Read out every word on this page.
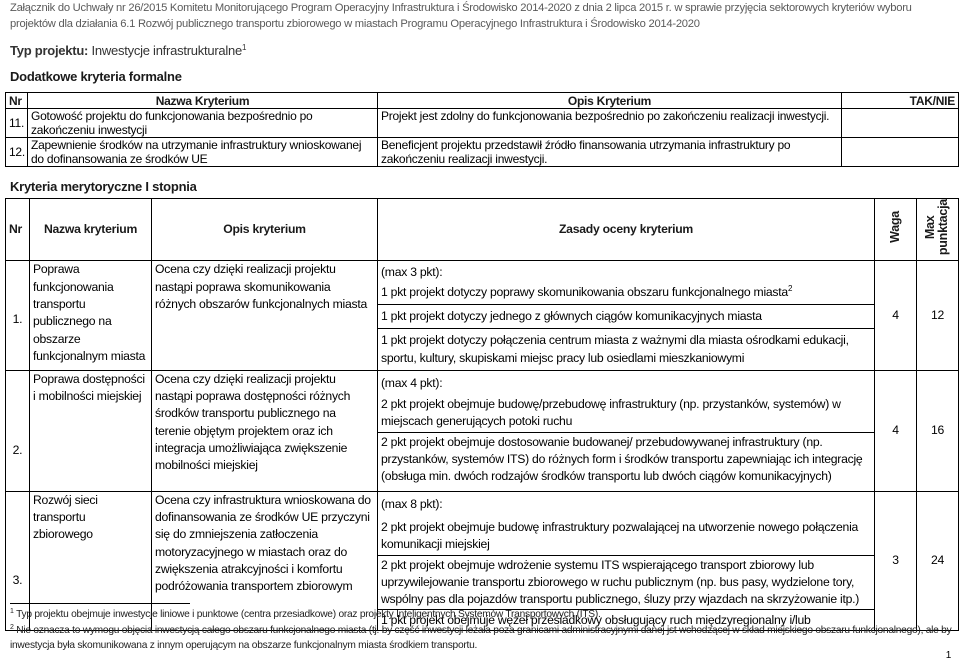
Załącznik do Uchwały nr 26/2015 Komitetu Monitorującego Program Operacyjny Infrastruktura i Środowisko 2014-2020 z dnia 2 lipca 2015 r. w sprawie przyjęcia sektorowych kryteriów wyboru projektów dla działania 6.1 Rozwój publicznego transportu zbiorowego w miastach Programu Operacyjnego Infrastruktura i Środowisko 2014-2020
Typ projektu: Inwestycje infrastrukturalne$^1$
Dodatkowe kryteria formalne
Nr	Nazwa Kryterium	Opis Kryterium	TAK/NIE
11.	Gotowość projektu do funkcjonowania bezpośrednio po zakończeniu inwestycji	Projekt jest zdolny do funkcjonowania bezpośrednio po zakończeniu realizacji inwestycji.	
12.	Zapewnienie środków na utrzymanie infrastruktury wnioskowanej do dofinansowania ze środków UE	Beneficjent projektu przedstawił źródło finansowania utrzymania infrastruktury po zakończeniu realizacji inwestycji.	
Kryteria merytoryczne I stopnia
Nr	Nazwa kryterium	Opis kryterium	Zasady oceny kryterium	Waga	Max punktacja
1.	Poprawa funkcjonowania transportu publicznego na obszarze funkcjonalnym miasta	Ocena czy dzięki realizacji projektu nastąpi poprawa skomunikowania różnych obszarów funkcjonalnych miasta	(max 3 pkt):	4	12
			1 pkt projekt dotyczy poprawy skomunikowania obszaru funkcjonalnego miasta$^2$
			1 pkt projekt dotyczy jednego z głównych ciągów komunikacyjnych miasta		
			1 pkt projekt dotyczy połączenia centrum miasta z ważnymi dla miasta ośrodkami edukacji, sportu, kultury, skupiskami miejsc pracy lub osiedlami mieszkaniowymi		
2.	Poprawa dostępności i mobilności miejskiej	Ocena czy dzięki realizacji projektu nastąpi poprawa dostępności różnych środków transportu publicznego na terenie objętym projektem oraz ich integracja umożliwiająca zwiększenie mobilności miejskiej	(max 4 pkt):	4	16
			2 pkt projekt obejmuje budowę/przebudowę infrastruktury (np. przystanków, systemów) w miejscach generujących potoki ruchu		
			2 pkt projekt obejmuje dostosowanie budowanej/ przebudowywanej infrastruktury (np. przystanków, systemów ITS) do różnych form i środków transportu zapewniając ich integrację (obsługa min. dwóch rodzajów środków transportu lub dwóch ciągów komunikacyjnych)		
3.	Rozwój sieci transportu zbiorowego	Ocena czy infrastruktura wnioskowana do dofinansowania ze środków UE przyczyni się do zmniejszenia zatłoczenia motoryzacyjnego w miastach oraz do zwiększenia atrakcyjności i komfortu podróżowania transportem zbiorowym	(max 8 pkt):	3	24
			2 pkt projekt obejmuje budowę infrastruktury pozwalającej na utworzenie nowego połączenia komunikacji miejskiej		
			2 pkt projekt obejmuje wdrożenie systemu ITS wspierającego transport zbiorowy lub uprzywilejowanie transportu zbiorowego w ruchu publicznym (np. bus pasy, wydzielone tory, wspólny pas dla pojazdów transportu publicznego, śluzy przy wjazdach na skrzyżowanie itp.)		
			1 pkt projekt obejmuje węzeł przesiadkowy obsługujący ruch międzyregionalny i/lub		
$^1$ Typ projektu obejmuje inwestycje liniowe i punktowe (centra przesiadkowe) oraz projekty Inteligentnych Systemów Transportowych (ITS).
$^2$ Nie oznacza to wymogu objęcia inwestycją całego obszaru funkcjonalnego miasta (tj. by część inwestycji leżała poza granicami administracyjnymi danej jst wchodzącej w skład miejskiego obszaru funkcjonalnego), ale by inwestycja była skomunikowana z innym operującym na obszarze funkcjonalnym miasta środkiem transportu.
1
